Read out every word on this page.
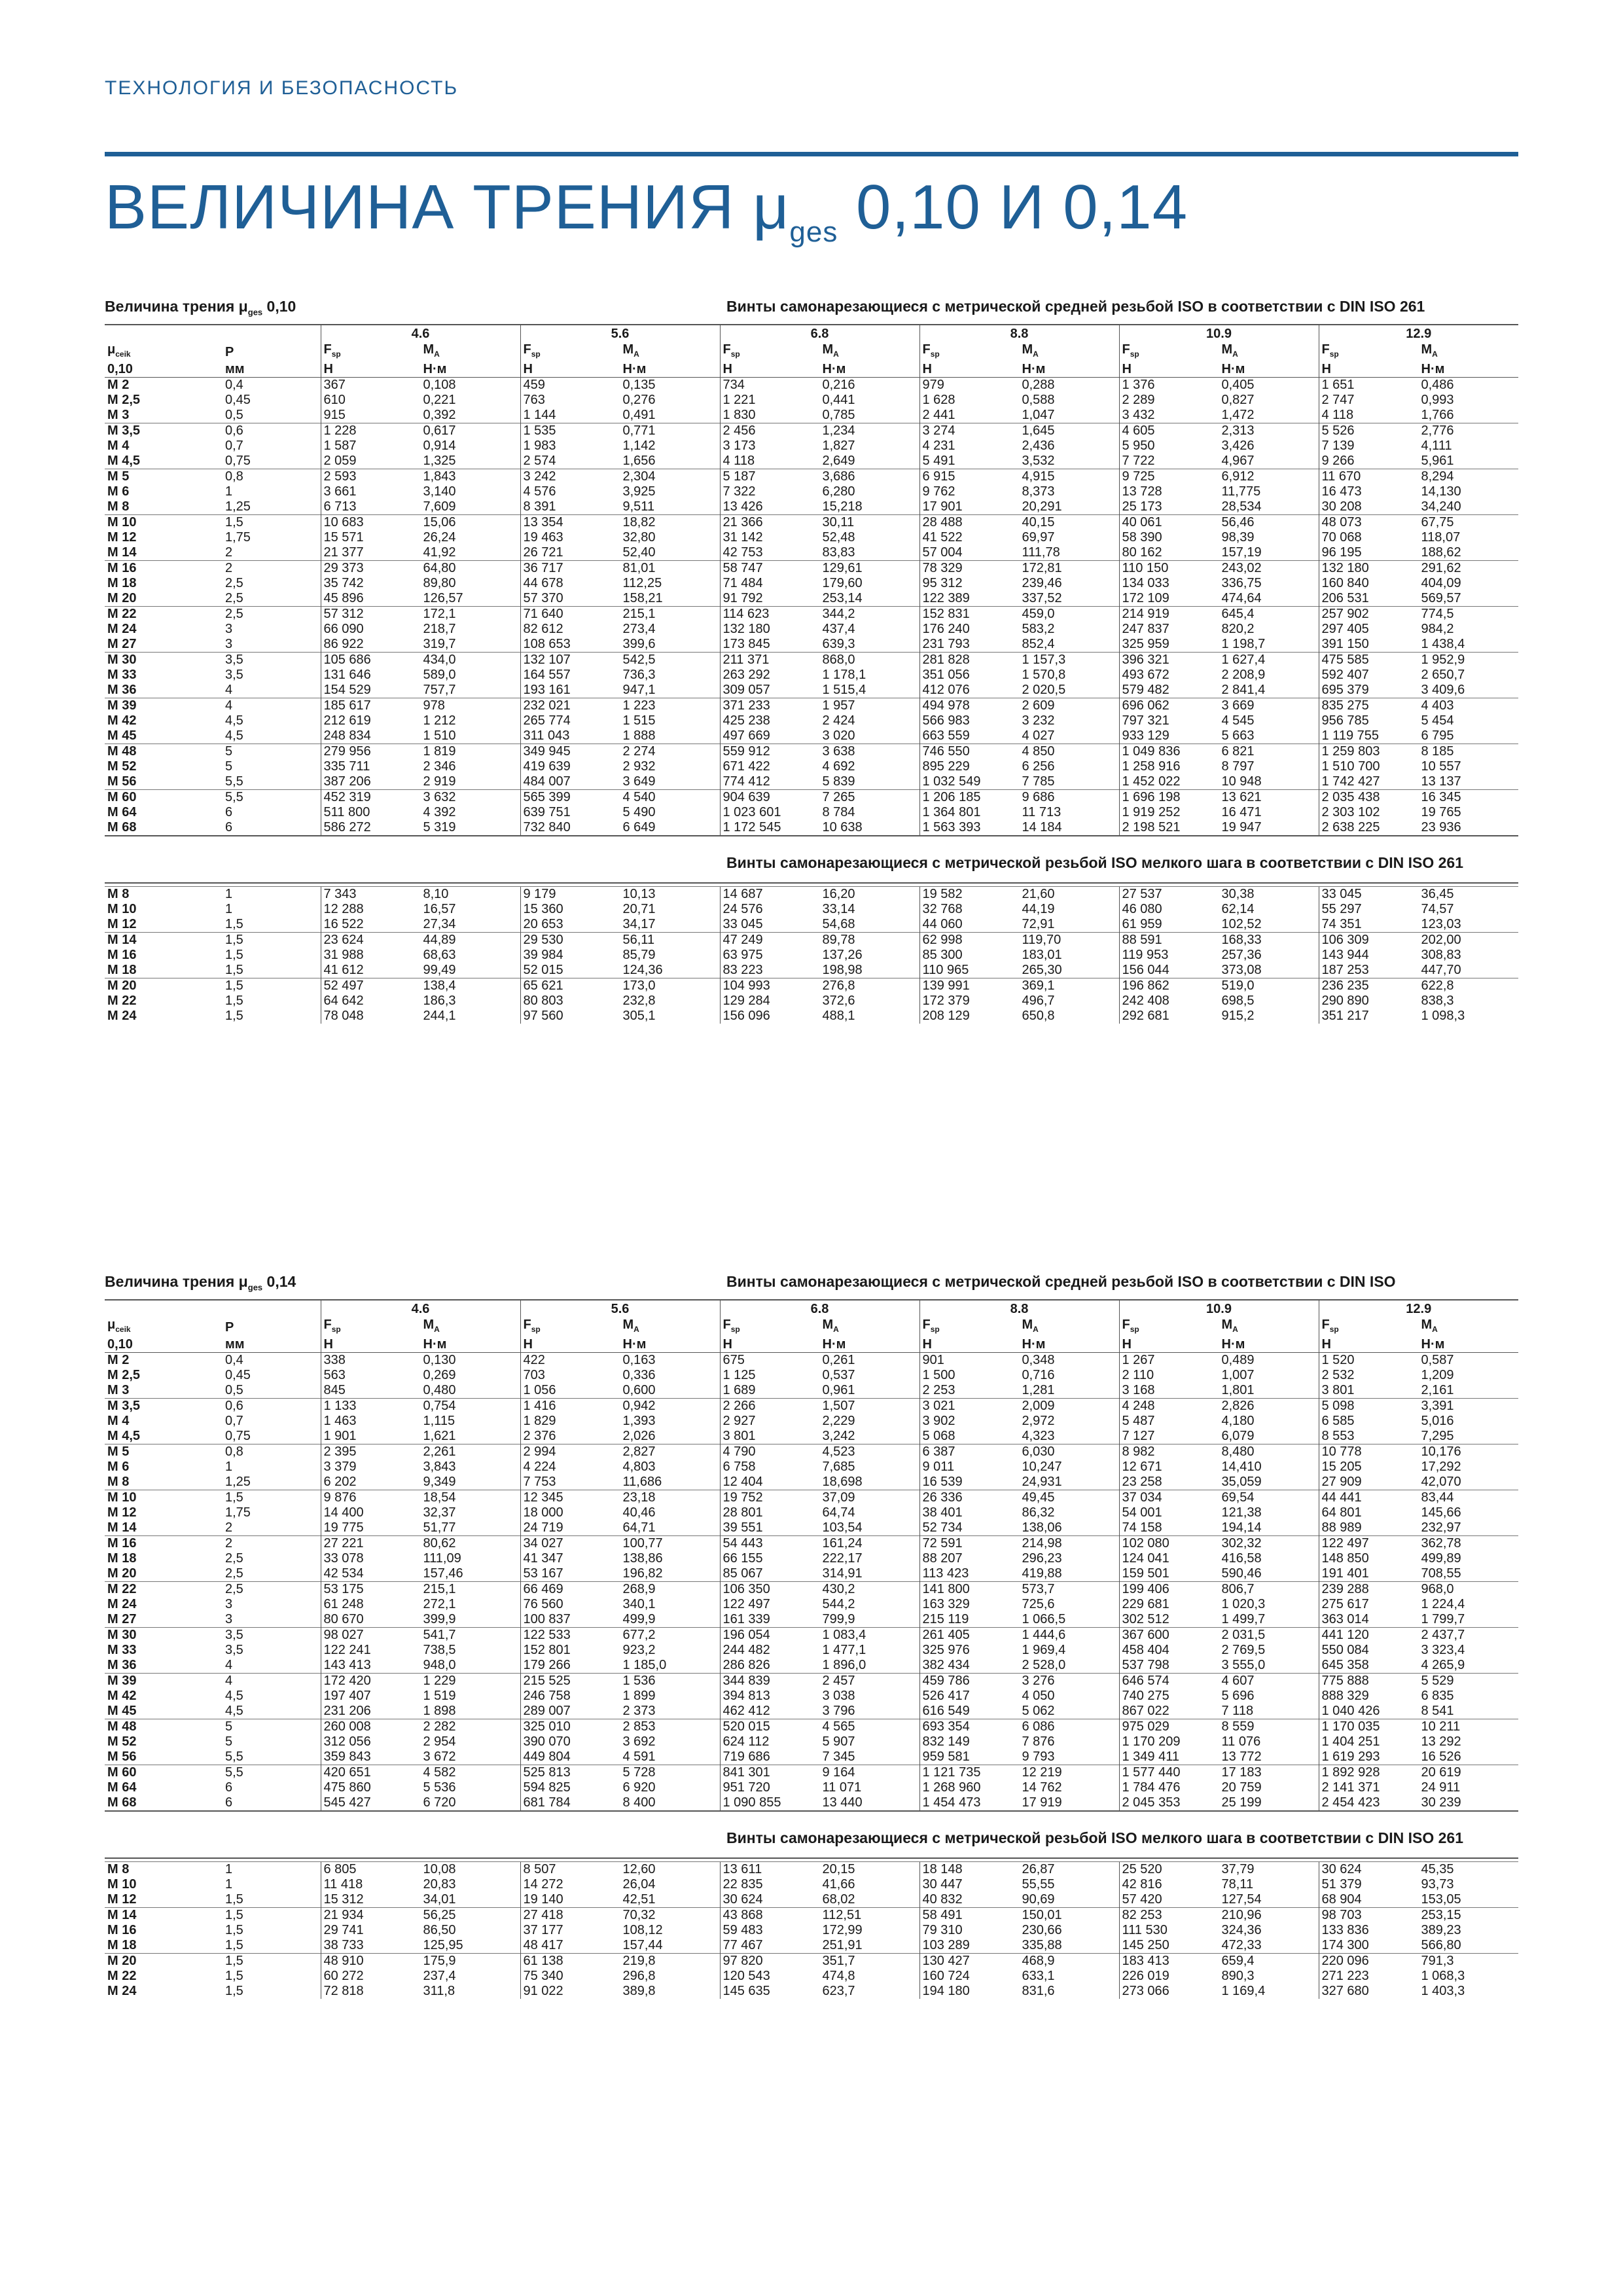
ТЕХНОЛОГИЯ И БЕЗОПАСНОСТЬ
ВЕЛИЧИНА ТРЕНИЯ $\mu_{ges}$ 0,10 И 0,14
Величина трения $\mu_{ges}$ 0,10	Винты самонарезающиеся с метрической средней резьбой ISO в соответствии с DIN ISO 261
		4.6		5.6		6.8		8.8		10.9		12.9	
$\mu_{ceik}$	P	$F_{sp}$	$M_A$	$F_{sp}$	$M_A$	$F_{sp}$	$M_A$	$F_{sp}$	$M_A$	$F_{sp}$	$M_A$	$F_{sp}$	$M_A$
0,10	мм	Н	Н·м	Н	Н·м	Н	Н·м	Н	Н·м	Н	Н·м	Н	Н·м
М 2	0,4	367	0,108	459	0,135	734	0,216	979	0,288	1 376	0,405	1 651	0,486
М 2,5	0,45	610	0,221	763	0,276	1 221	0,441	1 628	0,588	2 289	0,827	2 747	0,993
М 3	0,5	915	0,392	1 144	0,491	1 830	0,785	2 441	1,047	3 432	1,472	4 118	1,766
М 3,5	0,6	1 228	0,617	1 535	0,771	2 456	1,234	3 274	1,645	4 605	2,313	5 526	2,776
М 4	0,7	1 587	0,914	1 983	1,142	3 173	1,827	4 231	2,436	5 950	3,426	7 139	4,111
М 4,5	0,75	2 059	1,325	2 574	1,656	4 118	2,649	5 491	3,532	7 722	4,967	9 266	5,961
М 5	0,8	2 593	1,843	3 242	2,304	5 187	3,686	6 915	4,915	9 725	6,912	11 670	8,294
М 6	1	3 661	3,140	4 576	3,925	7 322	6,280	9 762	8,373	13 728	11,775	16 473	14,130
М 8	1,25	6 713	7,609	8 391	9,511	13 426	15,218	17 901	20,291	25 173	28,534	30 208	34,240
М 10	1,5	10 683	15,06	13 354	18,82	21 366	30,11	28 488	40,15	40 061	56,46	48 073	67,75
М 12	1,75	15 571	26,24	19 463	32,80	31 142	52,48	41 522	69,97	58 390	98,39	70 068	118,07
М 14	2	21 377	41,92	26 721	52,40	42 753	83,83	57 004	111,78	80 162	157,19	96 195	188,62
М 16	2	29 373	64,80	36 717	81,01	58 747	129,61	78 329	172,81	110 150	243,02	132 180	291,62
М 18	2,5	35 742	89,80	44 678	112,25	71 484	179,60	95 312	239,46	134 033	336,75	160 840	404,09
М 20	2,5	45 896	126,57	57 370	158,21	91 792	253,14	122 389	337,52	172 109	474,64	206 531	569,57
М 22	2,5	57 312	172,1	71 640	215,1	114 623	344,2	152 831	459,0	214 919	645,4	257 902	774,5
М 24	3	66 090	218,7	82 612	273,4	132 180	437,4	176 240	583,2	247 837	820,2	297 405	984,2
М 27	3	86 922	319,7	108 653	399,6	173 845	639,3	231 793	852,4	325 959	1 198,7	391 150	1 438,4
М 30	3,5	105 686	434,0	132 107	542,5	211 371	868,0	281 828	1 157,3	396 321	1 627,4	475 585	1 952,9
М 33	3,5	131 646	589,0	164 557	736,3	263 292	1 178,1	351 056	1 570,8	493 672	2 208,9	592 407	2 650,7
М 36	4	154 529	757,7	193 161	947,1	309 057	1 515,4	412 076	2 020,5	579 482	2 841,4	695 379	3 409,6
М 39	4	185 617	978	232 021	1 223	371 233	1 957	494 978	2 609	696 062	3 669	835 275	4 403
М 42	4,5	212 619	1 212	265 774	1 515	425 238	2 424	566 983	3 232	797 321	4 545	956 785	5 454
М 45	4,5	248 834	1 510	311 043	1 888	497 669	3 020	663 559	4 027	933 129	5 663	1 119 755	6 795
М 48	5	279 956	1 819	349 945	2 274	559 912	3 638	746 550	4 850	1 049 836	6 821	1 259 803	8 185
М 52	5	335 711	2 346	419 639	2 932	671 422	4 692	895 229	6 256	1 258 916	8 797	1 510 700	10 557
М 56	5,5	387 206	2 919	484 007	3 649	774 412	5 839	1 032 549	7 785	1 452 022	10 948	1 742 427	13 137
М 60	5,5	452 319	3 632	565 399	4 540	904 639	7 265	1 206 185	9 686	1 696 198	13 621	2 035 438	16 345
М 64	6	511 800	4 392	639 751	5 490	1 023 601	8 784	1 364 801	11 713	1 919 252	16 471	2 303 102	19 765
М 68	6	586 272	5 319	732 840	6 649	1 172 545	10 638	1 563 393	14 184	2 198 521	19 947	2 638 225	23 936

Винты самонарезающиеся с метрической резьбой ISO мелкого шага в соответствии с DIN ISO 261

М 8	1	7 343	8,10	9 179	10,13	14 687	16,20	19 582	21,60	27 537	30,38	33 045	36,45
М 10	1	12 288	16,57	15 360	20,71	24 576	33,14	32 768	44,19	46 080	62,14	55 297	74,57
М 12	1,5	16 522	27,34	20 653	34,17	33 045	54,68	44 060	72,91	61 959	102,52	74 351	123,03
М 14	1,5	23 624	44,89	29 530	56,11	47 249	89,78	62 998	119,70	88 591	168,33	106 309	202,00
М 16	1,5	31 988	68,63	39 984	85,79	63 975	137,26	85 300	183,01	119 953	257,36	143 944	308,83
М 18	1,5	41 612	99,49	52 015	124,36	83 223	198,98	110 965	265,30	156 044	373,08	187 253	447,70
М 20	1,5	52 497	138,4	65 621	173,0	104 993	276,8	139 991	369,1	196 862	519,0	236 235	622,8
М 22	1,5	64 642	186,3	80 803	232,8	129 284	372,6	172 379	496,7	242 408	698,5	290 890	838,3
М 24	1,5	78 048	244,1	97 560	305,1	156 096	488,1	208 129	650,8	292 681	915,2	351 217	1 098,3
Величина трения $\mu_{ges}$ 0,14	Винты самонарезающиеся с метрической средней резьбой ISO в соответствии с DIN ISO
		4.6		5.6		6.8		8.8		10.9		12.9	
$\mu_{ceik}$	P	$F_{sp}$	$M_A$	$F_{sp}$	$M_A$	$F_{sp}$	$M_A$	$F_{sp}$	$M_A$	$F_{sp}$	$M_A$	$F_{sp}$	$M_A$
0,10	мм	Н	Н·м	Н	Н·м	Н	Н·м	Н	Н·м	Н	Н·м	Н	Н·м
М 2	0,4	338	0,130	422	0,163	675	0,261	901	0,348	1 267	0,489	1 520	0,587
М 2,5	0,45	563	0,269	703	0,336	1 125	0,537	1 500	0,716	2 110	1,007	2 532	1,209
М 3	0,5	845	0,480	1 056	0,600	1 689	0,961	2 253	1,281	3 168	1,801	3 801	2,161
М 3,5	0,6	1 133	0,754	1 416	0,942	2 266	1,507	3 021	2,009	4 248	2,826	5 098	3,391
М 4	0,7	1 463	1,115	1 829	1,393	2 927	2,229	3 902	2,972	5 487	4,180	6 585	5,016
М 4,5	0,75	1 901	1,621	2 376	2,026	3 801	3,242	5 068	4,323	7 127	6,079	8 553	7,295
М 5	0,8	2 395	2,261	2 994	2,827	4 790	4,523	6 387	6,030	8 982	8,480	10 778	10,176
М 6	1	3 379	3,843	4 224	4,803	6 758	7,685	9 011	10,247	12 671	14,410	15 205	17,292
М 8	1,25	6 202	9,349	7 753	11,686	12 404	18,698	16 539	24,931	23 258	35,059	27 909	42,070
М 10	1,5	9 876	18,54	12 345	23,18	19 752	37,09	26 336	49,45	37 034	69,54	44 441	83,44
М 12	1,75	14 400	32,37	18 000	40,46	28 801	64,74	38 401	86,32	54 001	121,38	64 801	145,66
М 14	2	19 775	51,77	24 719	64,71	39 551	103,54	52 734	138,06	74 158	194,14	88 989	232,97
М 16	2	27 221	80,62	34 027	100,77	54 443	161,24	72 591	214,98	102 080	302,32	122 497	362,78
М 18	2,5	33 078	111,09	41 347	138,86	66 155	222,17	88 207	296,23	124 041	416,58	148 850	499,89
М 20	2,5	42 534	157,46	53 167	196,82	85 067	314,91	113 423	419,88	159 501	590,46	191 401	708,55
М 22	2,5	53 175	215,1	66 469	268,9	106 350	430,2	141 800	573,7	199 406	806,7	239 288	968,0
М 24	3	61 248	272,1	76 560	340,1	122 497	544,2	163 329	725,6	229 681	1 020,3	275 617	1 224,4
М 27	3	80 670	399,9	100 837	499,9	161 339	799,9	215 119	1 066,5	302 512	1 499,7	363 014	1 799,7
М 30	3,5	98 027	541,7	122 533	677,2	196 054	1 083,4	261 405	1 444,6	367 600	2 031,5	441 120	2 437,7
М 33	3,5	122 241	738,5	152 801	923,2	244 482	1 477,1	325 976	1 969,4	458 404	2 769,5	550 084	3 323,4
М 36	4	143 413	948,0	179 266	1 185,0	286 826	1 896,0	382 434	2 528,0	537 798	3 555,0	645 358	4 265,9
М 39	4	172 420	1 229	215 525	1 536	344 839	2 457	459 786	3 276	646 574	4 607	775 888	5 529
М 42	4,5	197 407	1 519	246 758	1 899	394 813	3 038	526 417	4 050	740 275	5 696	888 329	6 835
М 45	4,5	231 206	1 898	289 007	2 373	462 412	3 796	616 549	5 062	867 022	7 118	1 040 426	8 541
М 48	5	260 008	2 282	325 010	2 853	520 015	4 565	693 354	6 086	975 029	8 559	1 170 035	10 211
М 52	5	312 056	2 954	390 070	3 692	624 112	5 907	832 149	7 876	1 170 209	11 076	1 404 251	13 292
М 56	5,5	359 843	3 672	449 804	4 591	719 686	7 345	959 581	9 793	1 349 411	13 772	1 619 293	16 526
М 60	5,5	420 651	4 582	525 813	5 728	841 301	9 164	1 121 735	12 219	1 577 440	17 183	1 892 928	20 619
М 64	6	475 860	5 536	594 825	6 920	951 720	11 071	1 268 960	14 762	1 784 476	20 759	2 141 371	24 911
М 68	6	545 427	6 720	681 784	8 400	1 090 855	13 440	1 454 473	17 919	2 045 353	25 199	2 454 423	30 239

Винты самонарезающиеся с метрической резьбой ISO мелкого шага в соответствии с DIN ISO 261

М 8	1	6 805	10,08	8 507	12,60	13 611	20,15	18 148	26,87	25 520	37,79	30 624	45,35
М 10	1	11 418	20,83	14 272	26,04	22 835	41,66	30 447	55,55	42 816	78,11	51 379	93,73
М 12	1,5	15 312	34,01	19 140	42,51	30 624	68,02	40 832	90,69	57 420	127,54	68 904	153,05
М 14	1,5	21 934	56,25	27 418	70,32	43 868	112,51	58 491	150,01	82 253	210,96	98 703	253,15
М 16	1,5	29 741	86,50	37 177	108,12	59 483	172,99	79 310	230,66	111 530	324,36	133 836	389,23
М 18	1,5	38 733	125,95	48 417	157,44	77 467	251,91	103 289	335,88	145 250	472,33	174 300	566,80
М 20	1,5	48 910	175,9	61 138	219,8	97 820	351,7	130 427	468,9	183 413	659,4	220 096	791,3
М 22	1,5	60 272	237,4	75 340	296,8	120 543	474,8	160 724	633,1	226 019	890,3	271 223	1 068,3
М 24	1,5	72 818	311,8	91 022	389,8	145 635	623,7	194 180	831,6	273 066	1 169,4	327 680	1 403,3
